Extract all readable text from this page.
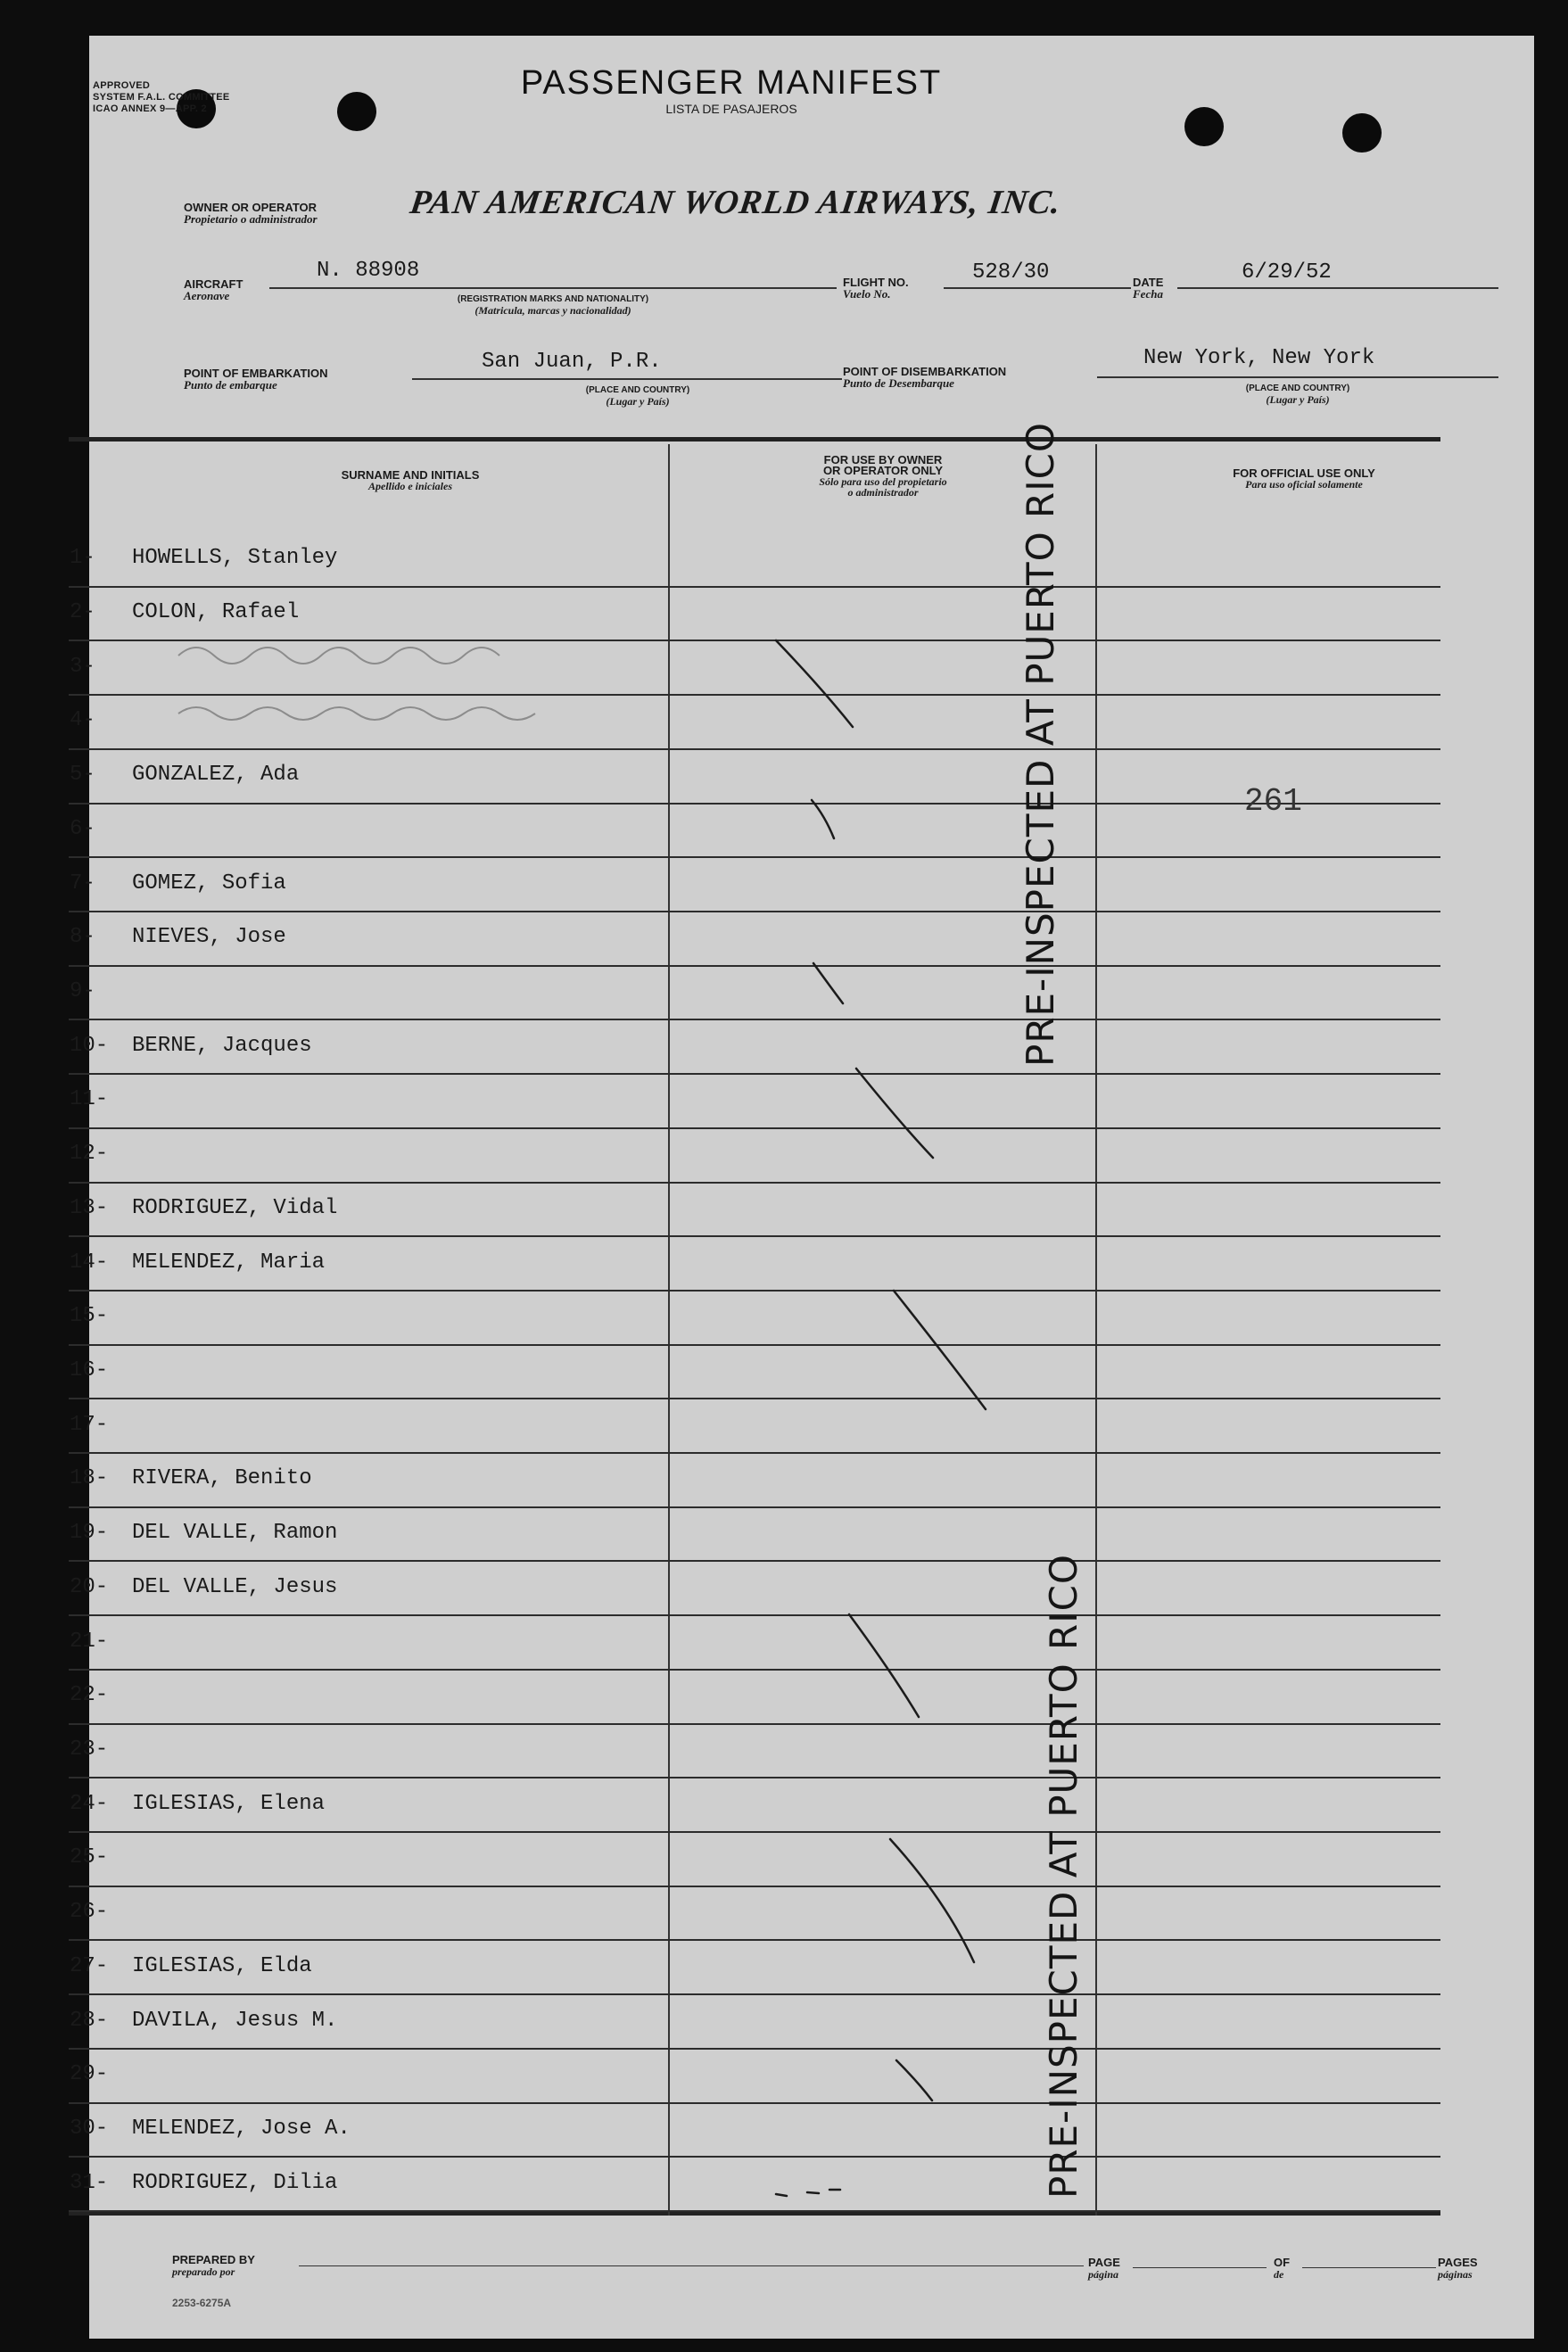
APPROVED
SYSTEM F.A.L. COMMITTEE
ICAO ANNEX 9—APP. 2
PASSENGER MANIFEST
LISTA DE PASAJEROS
OWNER OR OPERATOR
Propietario o administrador	PAN AMERICAN WORLD AIRWAYS, INC.
AIRCRAFT
Aeronave
N. 88908
(REGISTRATION MARKS AND NATIONALITY)
(Matricula, marcas y nacionalidad)
FLIGHT NO.
Vuelo No.
528/30	DATE
Fecha
6/29/52
POINT OF EMBARKATION
Punto de embarque
San Juan, P.R.
(PLACE AND COUNTRY)
(Lugar y País)
POINT OF DISEMBARKATION
Punto de Desembarque
New York, New York
(PLACE AND COUNTRY)
(Lugar y País)
SURNAME AND INITIALS
Apellido e iniciales
FOR USE BY OWNER
OR OPERATOR ONLY
Sólo para uso del propietario
o administrador
FOR OFFICIAL USE ONLY
Para uso oficial solamente
1- HOWELLS, Stanley
2- COLON, Rafael
3-
4-
5- GONZALEZ, Ada
6-
7- GOMEZ, Sofia
8- NIEVES, Jose
9-
10- BERNE, Jacques
11-
12-
13- RODRIGUEZ, Vidal
14- MELENDEZ, Maria
15-
16-
17-
18- RIVERA, Benito
19- DEL VALLE, Ramon
20- DEL VALLE, Jesus
21-
22-
23-
24- IGLESIAS, Elena
25-
26-
27- IGLESIAS, Elda
28- DAVILA, Jesus M.
29-
30- MELENDEZ, Jose A.
31- RODRIGUEZ, Dilia
261
PRE-INSPECTED AT PUERTO RICO
PRE-INSPECTED AT PUERTO RICO
PREPARED BY
preparado por
PAGE
página
OF
de
PAGES
páginas
2253-6275A
